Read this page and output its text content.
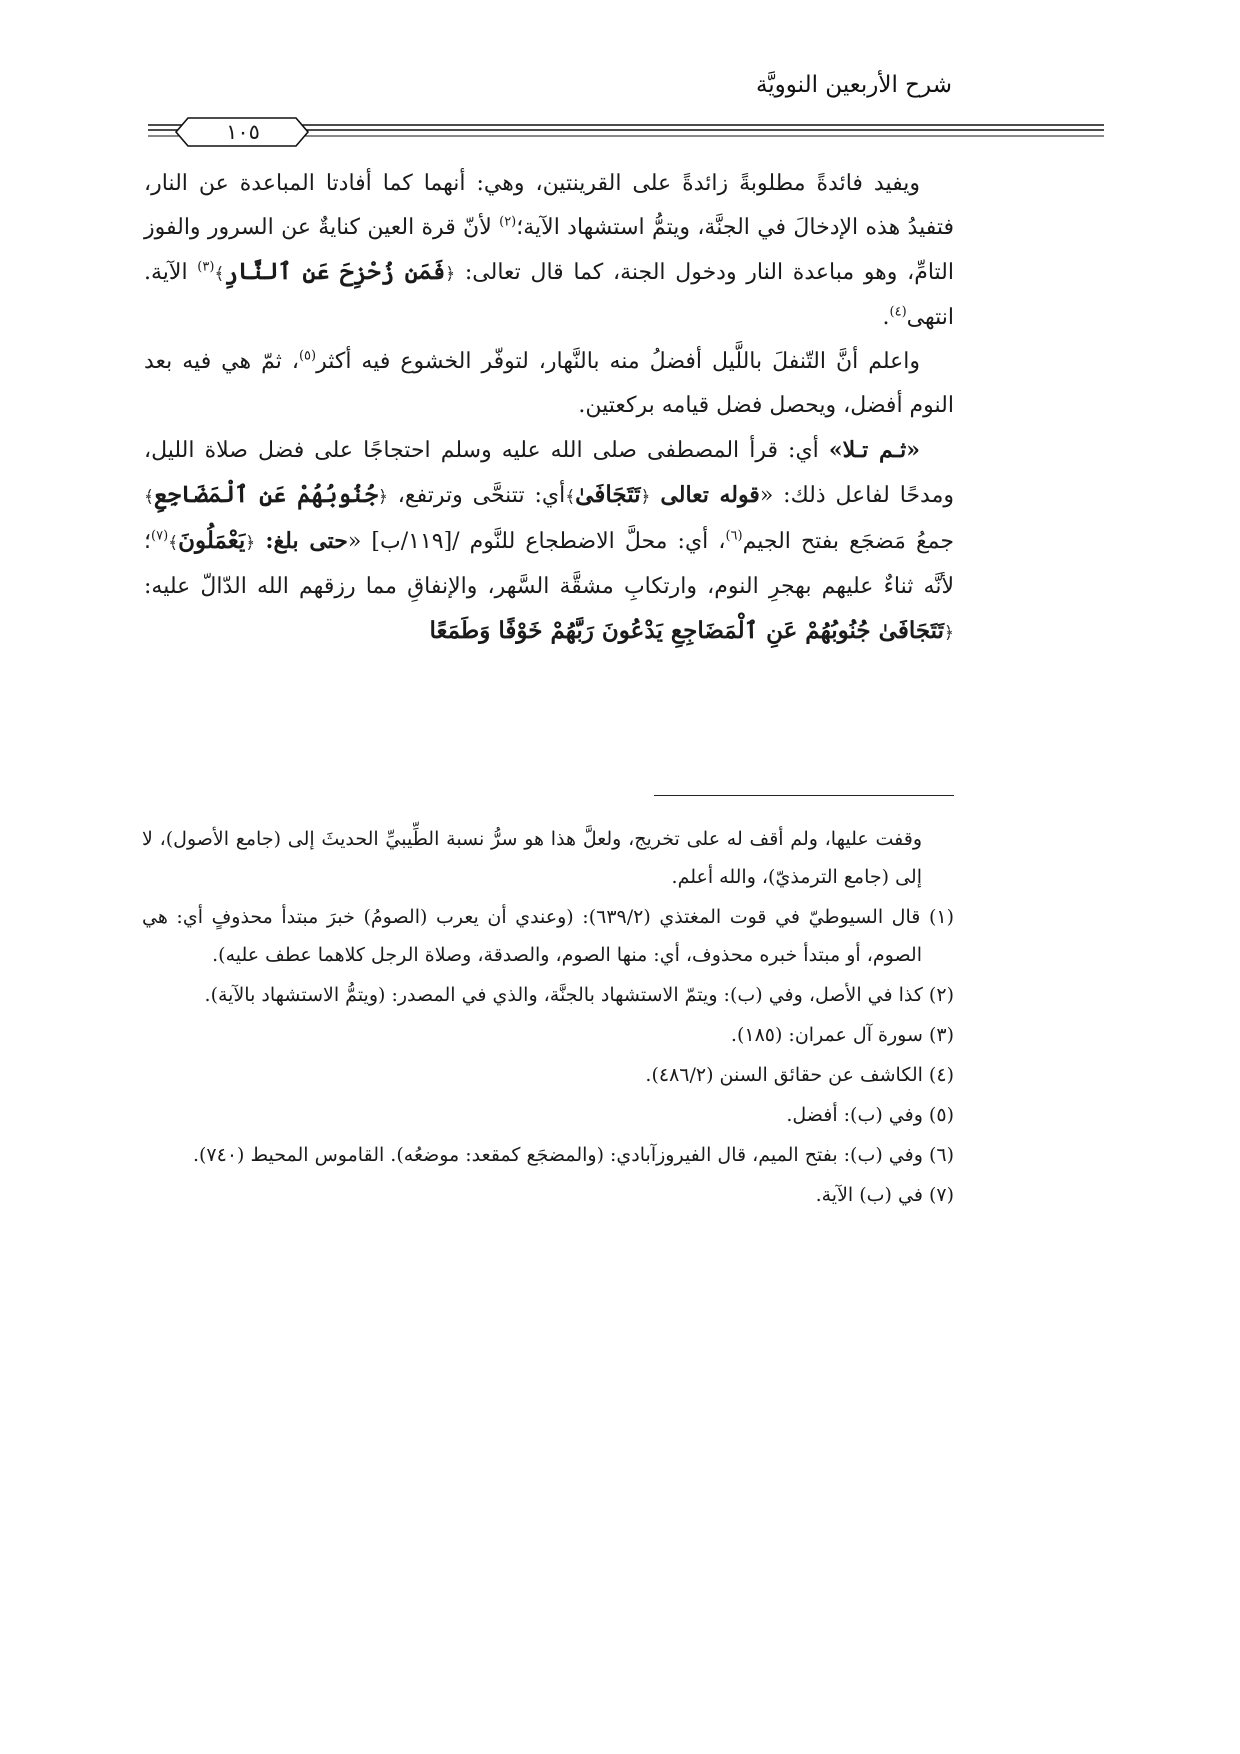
شرح الأربعين النوويَّة
١٠٥

ويفيد فائدةً مطلوبةً زائدةً على القرينتين، وهي: أنهما كما أفادتا المباعدة عن النار، فتفيدُ هذه الإدخالَ في الجنَّة، ويتمُّ استشهاد الآية؛$^{(٢)}$ لأنّ قرة العين كنايةٌ عن السرور والفوز التامِّ، وهو مباعدة النار ودخول الجنة، كما قال تعالى: ﴿فَمَن زُحْزِحَ عَنِ ٱلنَّارِ﴾$^{(٣)}$ الآية. انتهى$^{(٤)}$.

واعلم أنَّ التّنفلَ باللَّيل أفضلُ منه بالنَّهار، لتوفّر الخشوع فيه أكثر$^{(٥)}$، ثمّ هي فيه بعد النوم أفضل، ويحصل فضل قيامه بركعتين.

«ثـم تـلا» أي: قرأ المصطفى صلى الله عليه وسلم احتجاجًا على فضل صلاة الليل، ومدحًا لفاعل ذلك: «قوله تعالى ﴿تَتَجَافَىٰ﴾أي: تتنحَّى وترتفع، ﴿جُنُوبُهُمْ عَنِ ٱلْمَضَاجِعِ﴾ جمعُ مَضجَع بفتح الجيم$^{(٦)}$، أي: محلَّ الاضطجاع للنَّوم /[١١٩/ب] «حتى بلغ: ﴿يَعْمَلُونَ﴾$^{(٧)}$؛ لأنَّه ثناءٌ عليهم بهجرِ النوم، وارتكابِ مشقَّة السَّهر، والإنفاقِ مما رزقهم الله الدّالّ عليه: ﴿تَتَجَافَىٰ جُنُوبُهُمْ عَنِ ٱلْمَضَاجِعِ يَدْعُونَ رَبَّهُمْ خَوْفًا وَطَمَعًا

وقفت عليها، ولم أقف له على تخريج، ولعلَّ هذا هو سرُّ نسبة الطِّيبيِّ الحديثَ إلى (جامع الأصول)، لا إلى (جامع الترمذيّ)، والله أعلم.

(١) قال السيوطيّ في قوت المغتذي (٦٣٩/٢): (وعندي أن يعرب (الصومُ) خبرَ مبتدأ محذوفٍ أي: هي الصوم، أو مبتدأ خبره محذوف، أي: منها الصوم، والصدقة، وصلاة الرجل كلاهما عطف عليه).

(٢) كذا في الأصل، وفي (ب): ويتمّ الاستشهاد بالجنَّة، والذي في المصدر: (ويتمُّ الاستشهاد بالآية).

(٣) سورة آل عمران: (١٨٥).

(٤) الكاشف عن حقائق السنن (٤٨٦/٢).

(٥) وفي (ب): أفضل.

(٦) وفي (ب): بفتح الميم، قال الفيروزآبادي: (والمضجَع كمقعد: موضعُه). القاموس المحيط (٧٤٠).

(٧) في (ب) الآية.
